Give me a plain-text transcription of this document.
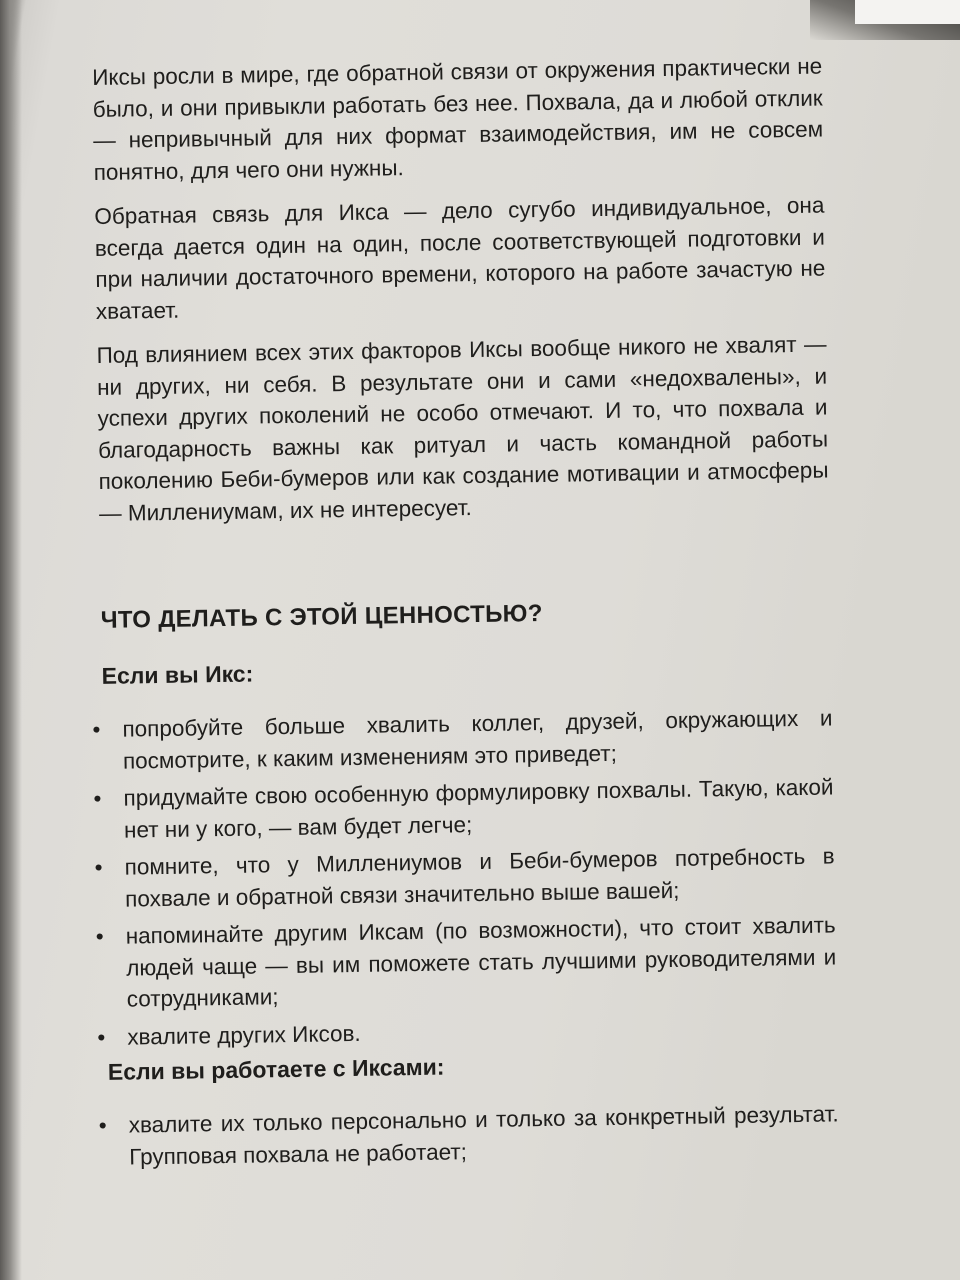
Иксы росли в мире, где обратной связи от окружения практически не было, и они привыкли работать без нее. Похвала, да и любой отклик — непривычный для них формат взаимодействия, им не совсем понятно, для чего они нужны.

Обратная связь для Икса — дело сугубо индивидуальное, она всегда дается один на один, после соответствующей подготовки и при наличии достаточного времени, которого на работе зачастую не хватает.

Под влиянием всех этих факторов Иксы вообще никого не хвалят — ни других, ни себя. В результате они и сами «недохвалены», и успехи других поколений не особо отмечают. И то, что похвала и благодарность важны как ритуал и часть командной работы поколению Беби-бумеров или как создание мотивации и атмосферы — Миллениумам, их не интересует.

ЧТО ДЕЛАТЬ С ЭТОЙ ЦЕННОСТЬЮ?
Если вы Икс:
• попробуйте больше хвалить коллег, друзей, окружающих и посмотрите, к каким изменениям это приведет;
• придумайте свою особенную формулировку похвалы. Такую, какой нет ни у кого, — вам будет легче;
• помните, что у Миллениумов и Беби-бумеров потребность в похвале и обратной связи значительно выше вашей;
• напоминайте другим Иксам (по возможности), что стоит хвалить людей чаще — вы им поможете стать лучшими руководителями и сотрудниками;
• хвалите других Иксов.
Если вы работаете с Иксами:
• хвалите их только персонально и только за конкретный результат. Групповая похвала не работает;
